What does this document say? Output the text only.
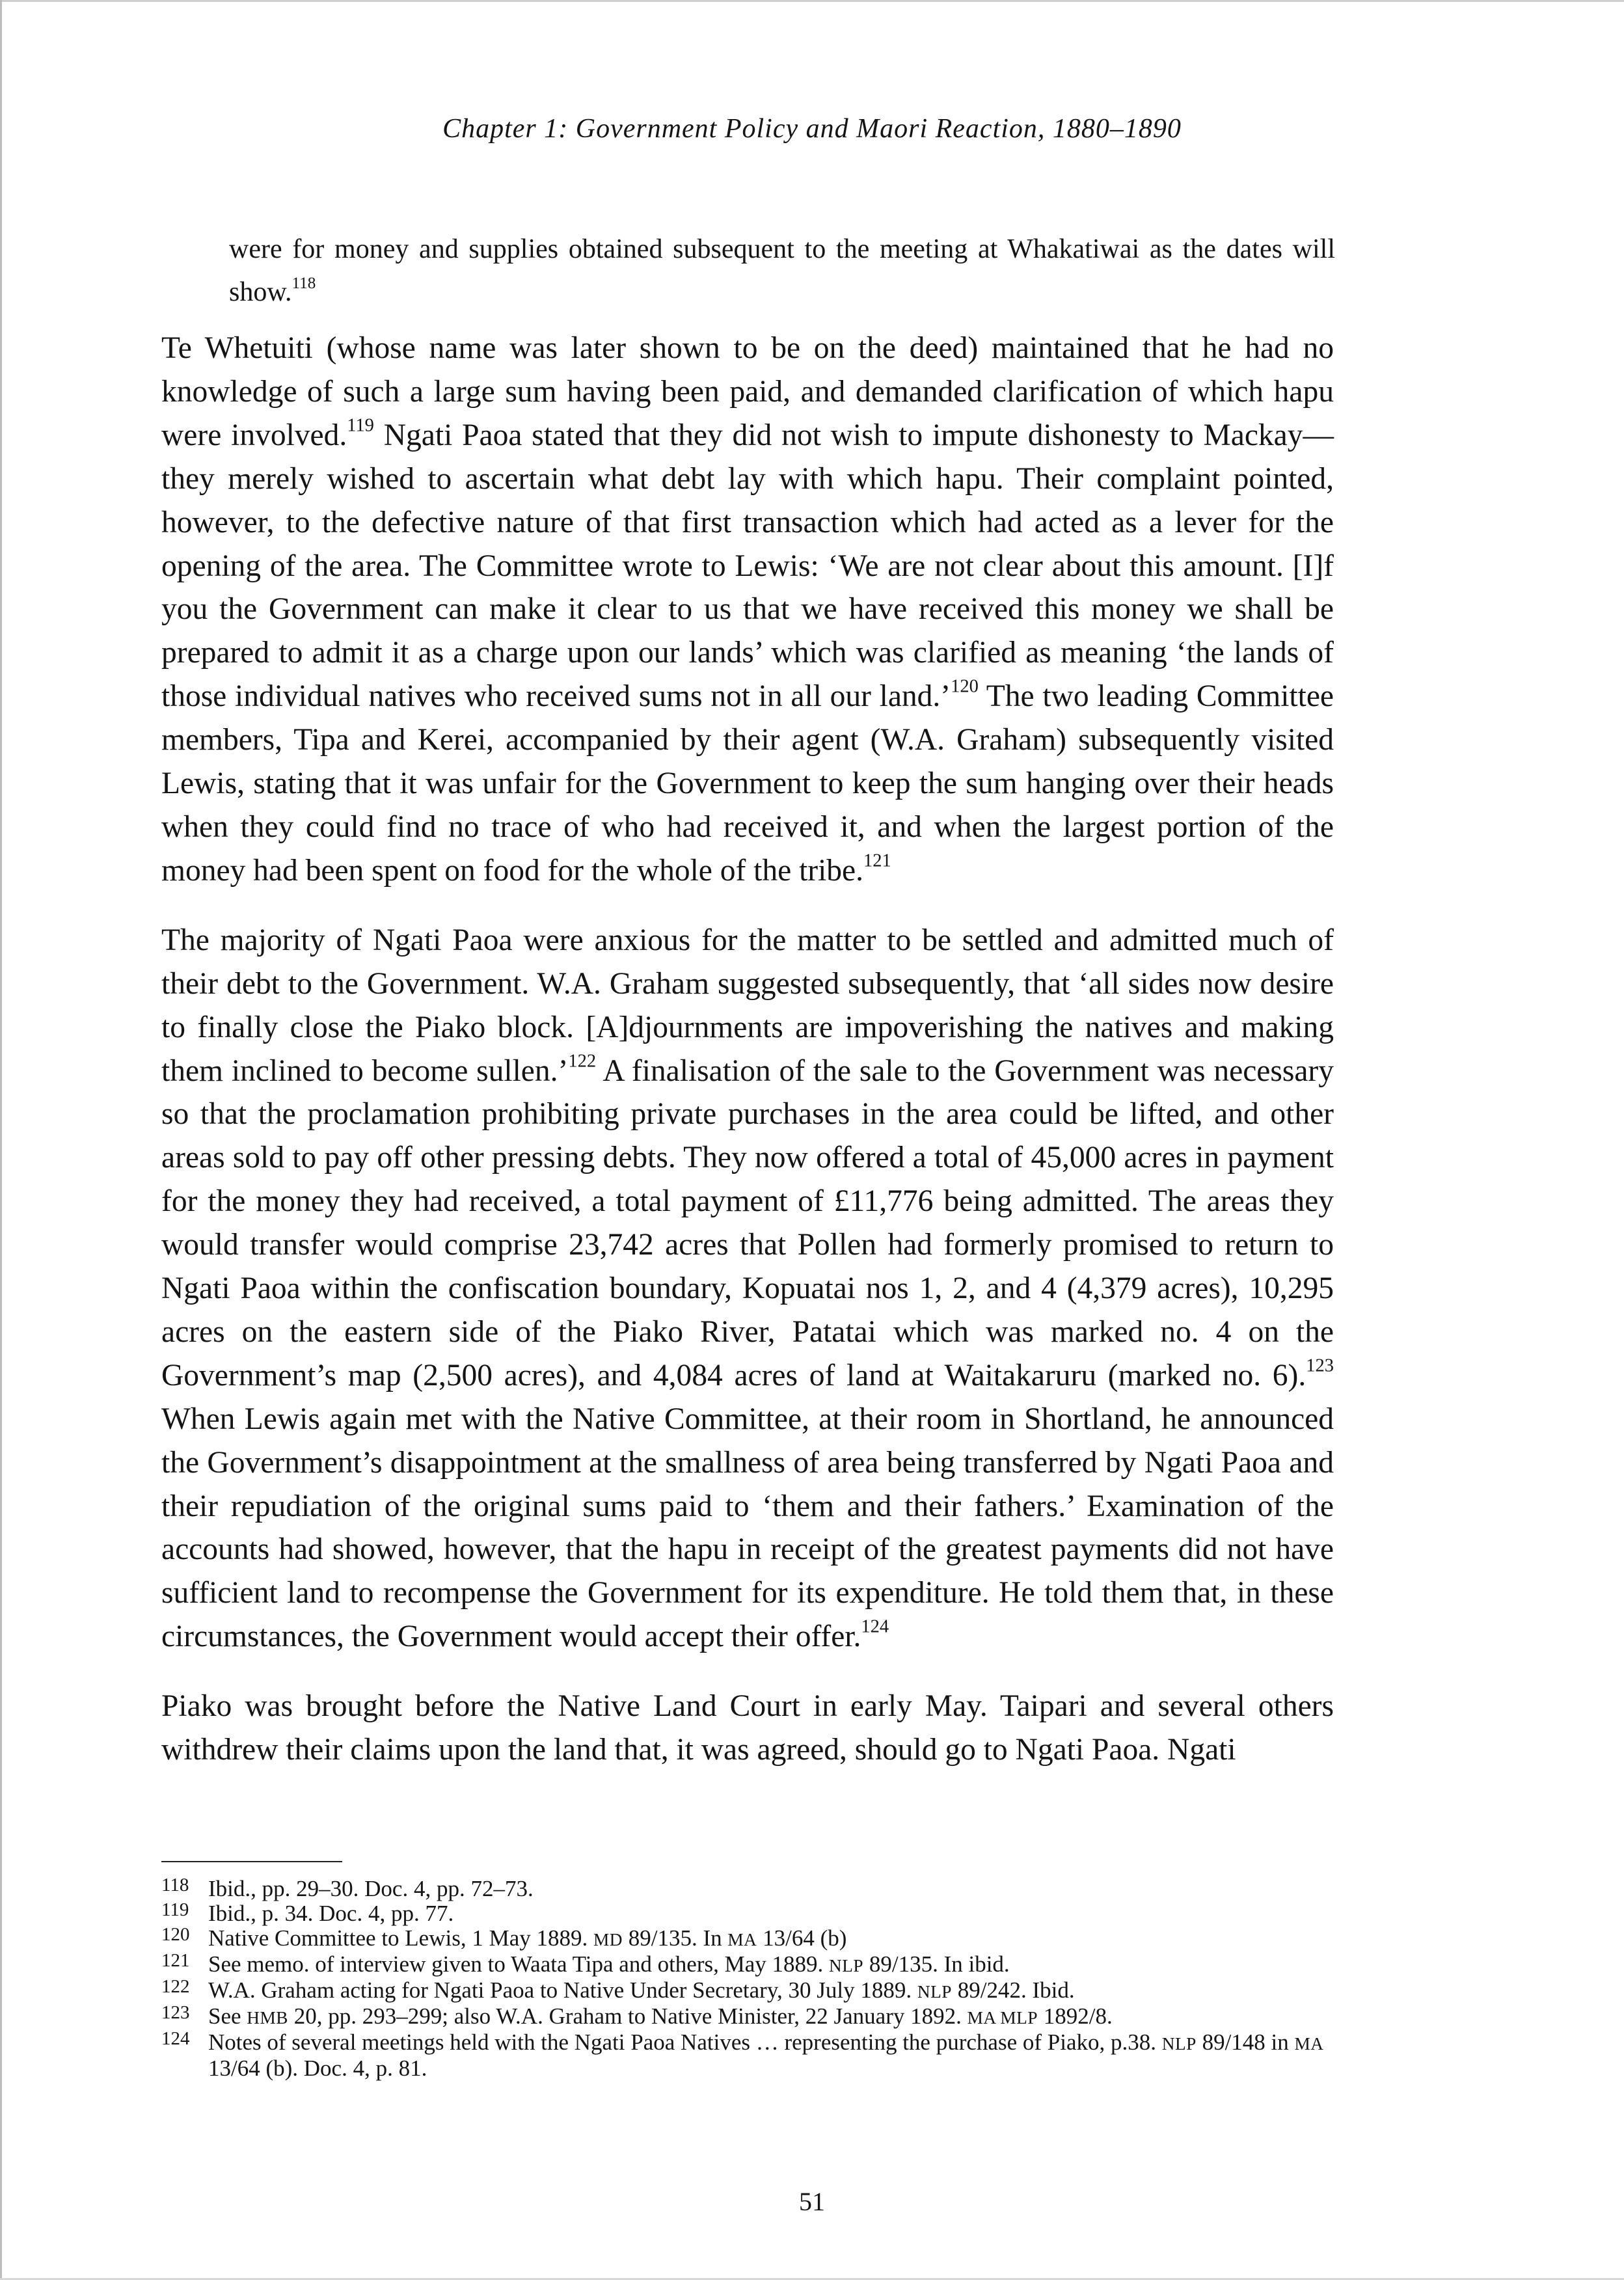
Chapter 1: Government Policy and Maori Reaction, 1880–1890
were for money and supplies obtained subsequent to the meeting at Whakatiwai as the dates will show.$^{118}$

Te Whetuiti (whose name was later shown to be on the deed) maintained that he had no knowledge of such a large sum having been paid, and demanded clarification of which hapu were involved.$^{119}$ Ngati Paoa stated that they did not wish to impute dishonesty to Mackay—they merely wished to ascertain what debt lay with which hapu. Their complaint pointed, however, to the defective nature of that first transaction which had acted as a lever for the opening of the area. The Committee wrote to Lewis: ‘We are not clear about this amount. [I]f you the Government can make it clear to us that we have received this money we shall be prepared to admit it as a charge upon our lands’ which was clarified as meaning ‘the lands of those individual natives who received sums not in all our land.’$^{120}$ The two leading Committee members, Tipa and Kerei, accompanied by their agent (W.A. Graham) subsequently visited Lewis, stating that it was unfair for the Government to keep the sum hanging over their heads when they could find no trace of who had received it, and when the largest portion of the money had been spent on food for the whole of the tribe.$^{121}$

The majority of Ngati Paoa were anxious for the matter to be settled and admitted much of their debt to the Government. W.A. Graham suggested subsequently, that ‘all sides now desire to finally close the Piako block. [A]djournments are impoverishing the natives and making them inclined to become sullen.’$^{122}$ A finalisation of the sale to the Government was necessary so that the proclamation prohibiting private purchases in the area could be lifted, and other areas sold to pay off other pressing debts. They now offered a total of 45,000 acres in payment for the money they had received, a total payment of £11,776 being admitted. The areas they would transfer would comprise 23,742 acres that Pollen had formerly promised to return to Ngati Paoa within the confiscation boundary, Kopuatai nos 1, 2, and 4 (4,379 acres), 10,295 acres on the eastern side of the Piako River, Patatai which was marked no. 4 on the Government’s map (2,500 acres), and 4,084 acres of land at Waitakaruru (marked no. 6).$^{123}$ When Lewis again met with the Native Committee, at their room in Shortland, he announced the Government’s disappointment at the smallness of area being transferred by Ngati Paoa and their repudiation of the original sums paid to ‘them and their fathers.’ Examination of the accounts had showed, however, that the hapu in receipt of the greatest payments did not have sufficient land to recompense the Government for its expenditure. He told them that, in these circumstances, the Government would accept their offer.$^{124}$

Piako was brought before the Native Land Court in early May. Taipari and several others withdrew their claims upon the land that, it was agreed, should go to Ngati Paoa. Ngati

118 Ibid., pp. 29–30. Doc. 4, pp. 72–73.
119 Ibid., p. 34. Doc. 4, pp. 77.
120 Native Committee to Lewis, 1 May 1889. MD 89/135. In MA 13/64 (b)
121 See memo. of interview given to Waata Tipa and others, May 1889. NLP 89/135. In ibid.
122 W.A. Graham acting for Ngati Paoa to Native Under Secretary, 30 July 1889. NLP 89/242. Ibid.
123 See HMB 20, pp. 293–299; also W.A. Graham to Native Minister, 22 January 1892. MA MLP 1892/8.
124 Notes of several meetings held with the Ngati Paoa Natives … representing the purchase of Piako, p.38. NLP 89/148 in MA 13/64 (b). Doc. 4, p. 81.
51
